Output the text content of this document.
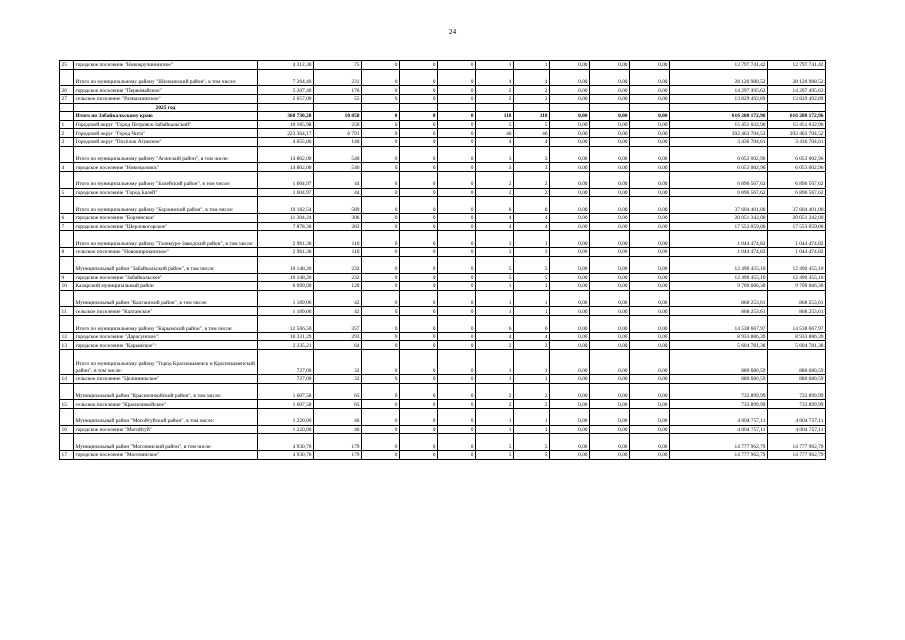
24
25	городское поселение "Новокручининское"	4 312,30	75	0	0	0	1	1	0,00	0,00	0,00	12 797 741,42	12 797 741,42
	Итого по муниципальному району "Шилкинский район", в том числе:	7 264,40	231	0	0	0	4	4	0,00	0,00	0,00	28 126 988,52	28 126 988,52
26	городское поселение "Первомайское"	5 207,40	176	0	0	0	2	2	0,00	0,00	0,00	14 297 495,63	14 297 495,63
27	сельское поселение "Размахнинское"	2 057,00	55	0	0	0	2	2	0,00	0,00	0,00	13 829 492,89	13 829 492,89
	2025 год												
	Итого по Забайкальскому краю	360 730,20	10 858	0	0	0	118	118	0,00	0,00	0,00	616 288 172,96	616 288 172,96
1	Городской округ "Город Петровск-Забайкальский"	10 185,98	250	0	0	0	5	5	0,00	0,00	0,00	15 451 032,90	15 451 032,90
2	Городской округ "Город Чита"	223 364,17	6 791	0	0	0	46	46	0,00	0,00	0,00	392 463 704,52	392 463 704,52
3	Городской округ "Посёлок Агинское"	4 055,06	140	0	0	0	4	4	0,00	0,00	0,00	3 436 704,61	3 436 704,61
	Итого по муниципальному району "Агинский район", в том числе:	14 802,00	540	0	0	0	3	3	0,00	0,00	0,00	6 053 002,96	6 053 002,96
4	городское поселение "Новоорловск"	14 802,00	540	0	0	0	3	3	0,00	0,00	0,00	6 053 002,96	6 053 002,96
	Итого по муниципальному району "Балейский район", в том числе:	1 604,97	44	0	0	0	2	2	0,00	0,00	0,00	6 896 567,62	6 896 567,62
5	городское поселение "Город Балей"	1 604,97	44	0	0	0	2	2	0,00	0,00	0,00	6 896 567,62	6 896 567,62
	Итого по муниципальному району "Борзинский район", в том числе:	19 182,54	589	0	0	0	8	8	0,00	0,00	0,00	37 604 401,00	37 604 401,00
6	городское поселение "Борзинское"	11 304,24	306	0	0	0	4	4	0,00	0,00	0,00	20 051 342,00	20 051 342,00
7	городское поселение "Шерловогорское"	7 878,30	283	0	0	0	4	4	0,00	0,00	0,00	17 553 059,00	17 553 059,00
	Итого по муниципальному району "Газимуро-Заводский район", в том числе:	2 981,30	110	0	0	0	3	3	0,00	0,00	0,00	1 044 474,82	1 044 474,82
8	сельское поселение "Новоширокинское"	2 981,30	110	0	0	0	3	3	0,00	0,00	0,00	1 044 474,82	1 044 474,82
	Муниципальный район "Забайкальский район", в том числе:	10 148,20	232	0	0	0	5	5	0,00	0,00	0,00	12 490 455,10	12 490 455,10
9	городское поселение "Забайкальское"	10 148,20	232	0	0	0	5	5	0,00	0,00	0,00	12 490 455,10	12 490 455,10
10	Каларский муниципальный район	6 099,00	120	0	0	0	1	1	0,00	0,00	0,00	9 709 666,30	9 709 666,30
	Муниципальный район "Калганский район", в том числе:	1 189,00	42	0	0	0	1	1	0,00	0,00	0,00	868 253,61	868 253,61
11	сельское поселение "Калганское"	1 189,00	42	0	0	0	1	1	0,00	0,00	0,00	868 253,61	868 253,61
	Итого по муниципальному району "Карымский район", в том числе:	12 566,50	357	0	0	0	6	6	0,00	0,00	0,00	14 538 667,97	14 538 667,97
12	городское поселение "Дарасунское":	10 331,29	293	0	0	0	4	4	0,00	0,00	0,00	8 933 886,39	8 933 886,39
13	городское поселение "Карымское":	2 235,21	64	0	0	0	2	2	0,00	0,00	0,00	5 604 781,38	5 604 781,38
	Итого по муниципальному району "Город Краснокаменск и Краснокаменский район", в том числе:	727,00	32	0	0	0	1	1	0,00	0,00	0,00	880 680,59	880 680,59
14	сельское поселение "Целинниnское"	727,00	32	0	0	0	1	1	0,00	0,00	0,00	880 680,59	880 680,59
	Муниципальный район "Красночикойский район", в том числе:	1 607,58	65	0	0	0	2	2	0,00	0,00	0,00	733 899,99	733 899,99
15	сельское поселение "Красночикойское"	1 607,58	65	0	0	0	2	2	0,00	0,00	0,00	733 899,99	733 899,99
	Муниципальный район "Могойтуйский район", в том числе:	1 220,00	46	0	0	0	1	1	0,00	0,00	0,00	4 004 757,11	4 004 757,11
16	городское поселение "Могойтуй"	1 220,00	46	0	0	0	1	1	0,00	0,00	0,00	4 004 757,11	4 004 757,11
	Муниципальный район "Могочинский район", в том числе:	4 930,70	179	0	0	0	5	5	0,00	0,00	0,00	14 777 962,79	14 777 962,79
17	городское поселение "Могочинское"	4 930,70	179	0	0	0	5	5	0,00	0,00	0,00	14 777 962,79	14 777 962,79
